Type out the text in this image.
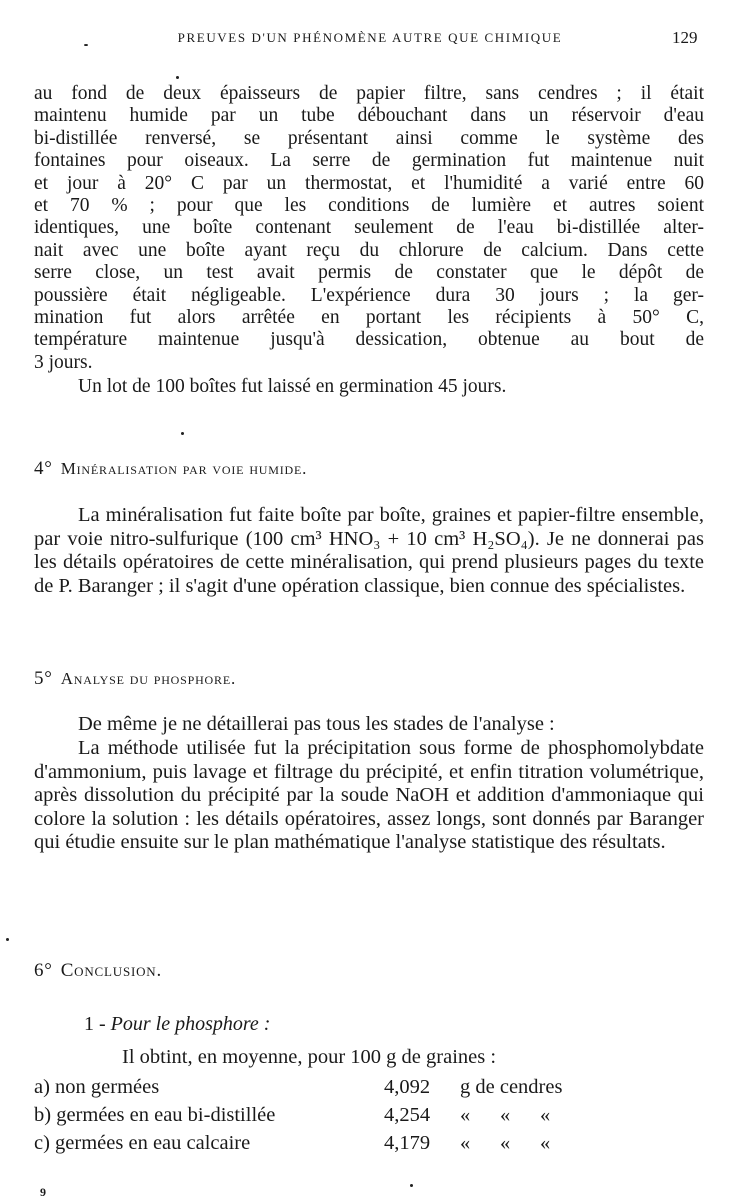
PREUVES D'UN PHÉNOMÈNE AUTRE QUE CHIMIQUE	129
au fond de deux épaisseurs de papier filtre, sans cendres ; il était
maintenu humide par un tube débouchant dans un réservoir d'eau
bi-distillée renversé, se présentant ainsi comme le système des
fontaines pour oiseaux. La serre de germination fut maintenue nuit
et jour à 20° C par un thermostat, et l'humidité a varié entre 60
et 70 % ; pour que les conditions de lumière et autres soient
identiques, une boîte contenant seulement de l'eau bi-distillée alter-
nait avec une boîte ayant reçu du chlorure de calcium. Dans cette
serre close, un test avait permis de constater que le dépôt de
poussière était négligeable. L'expérience dura 30 jours ; la ger-
mination fut alors arrêtée en portant les récipients à 50° C,
température maintenue jusqu'à dessication, obtenue au bout de
3 jours.
Un lot de 100 boîtes fut laissé en germination 45 jours.
4° Minéralisation par voie humide.
La minéralisation fut faite boîte par boîte, graines et papier-filtre ensemble, par voie nitro-sulfurique (100 cm³ HNO₃ + 10 cm³ H₂SO₄). Je ne donnerai pas les détails opératoires de cette minéralisation, qui prend plusieurs pages du texte de P. Baranger ; il s'agit d'une opération classique, bien connue des spécialistes.
5° Analyse du phosphore.
De même je ne détaillerai pas tous les stades de l'analyse :
La méthode utilisée fut la précipitation sous forme de phosphomolybdate d'ammonium, puis lavage et filtrage du précipité, et enfin titration volumétrique, après dissolution du précipité par la soude NaOH et addition d'ammoniaque qui colore la solution : les détails opératoires, assez longs, sont donnés par Baranger qui étudie ensuite sur le plan mathématique l'analyse statistique des résultats.
6° Conclusion.
1 - Pour le phosphore :
Il obtint, en moyenne, pour 100 g de graines :
a) non germées	4,092	g de cendres
b) germées en eau bi-distillée	4,254	« « «
c) germées en eau calcaire	4,179	« « «
9
